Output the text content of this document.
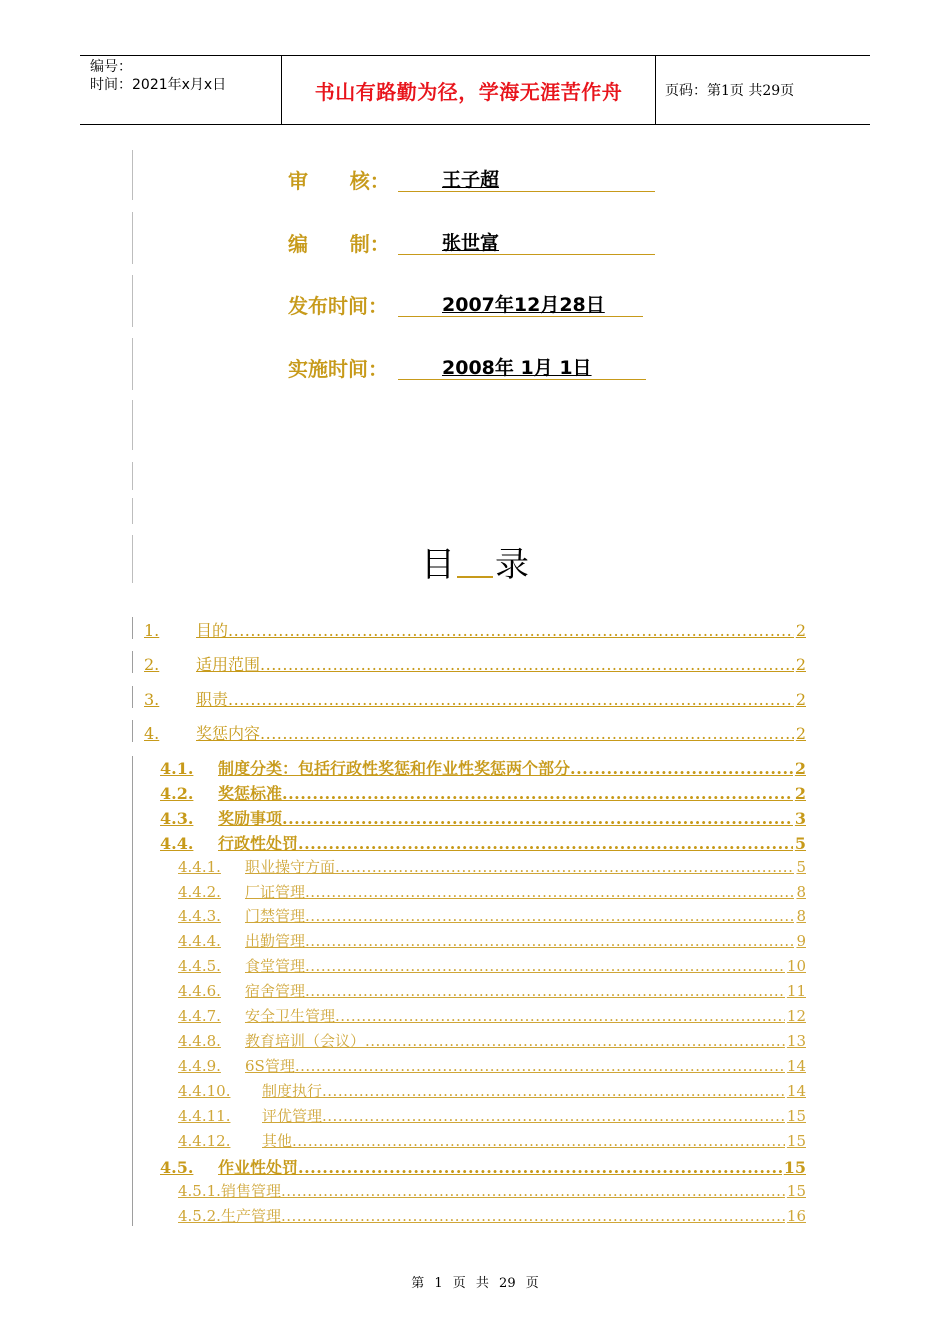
编号：
时间：2021年x月x日	书山有路勤为径，学海无涯苦作舟	页码：第1页 共29页
审      核：	王子超
编      制：	张世富
发布时间：	2007年12月28日
实施时间：	2008年 1月 1日
目 录
1.	目的 .....	2
2.	适用范围 .....	2
3.	职责 .....	2
4.	奖惩内容 .....	2
4.1.	制度分类：包括行政性奖惩和作业性奖惩两个部分 .....	2
4.2.	奖惩标准 .....	2
4.3.	奖励事项 .....	3
4.4.	行政性处罚 .....	5
4.4.1.	职业操守方面 .....	5
4.4.2.	厂证管理 .....	8
4.4.3.	门禁管理 .....	8
4.4.4.	出勤管理 .....	9
4.4.5.	食堂管理 .....	10
4.4.6.	宿舍管理 .....	11
4.4.7.	安全卫生管理 .....	12
4.4.8.	教育培训（会议） .....	13
4.4.9.	6S管理 .....	14
4.4.10.	制度执行 .....	14
4.4.11.	评优管理 .....	15
4.4.12.	其他 .....	15
4.5.	作业性处罚 .....	15
4.5.1. 销售管理 .....	15
4.5.2. 生产管理 .....	16
第 1 页 共 29 页
